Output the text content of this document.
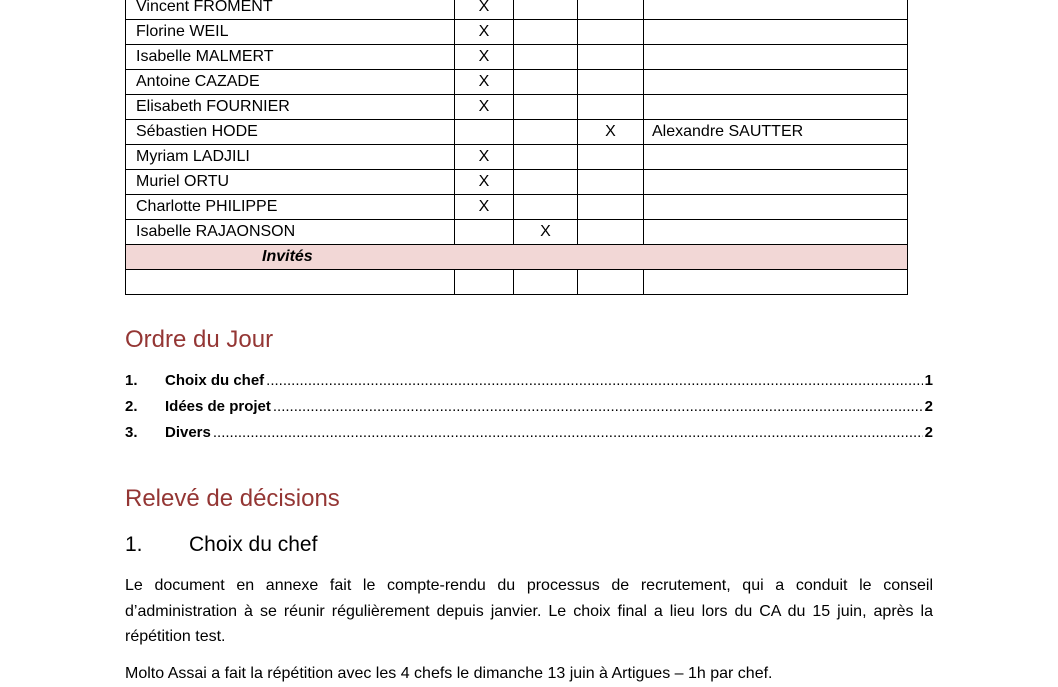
Vincent FROMENT	X			
Florine WEIL	X			
Isabelle MALMERT	X			
Antoine CAZADE	X			
Elisabeth FOURNIER	X			
Sébastien HODE			X	Alexandre SAUTTER
Myriam LADJILI	X			
Muriel ORTU	X			
Charlotte PHILIPPE	X			
Isabelle RAJAONSON		X		
Invités				

Ordre du Jour
1.	Choix du chef .....	1
2.	Idées de projet .....	2
3.	Divers .....	2
Relevé de décisions
1. Choix du chef

Le document en annexe fait le compte-rendu du processus de recrutement, qui a conduit le conseil d’administration à se réunir régulièrement depuis janvier. Le choix final a lieu lors du CA du 15 juin, après la répétition test.

Molto Assai a fait la répétition avec les 4 chefs le dimanche 13 juin à Artigues – 1h par chef.
